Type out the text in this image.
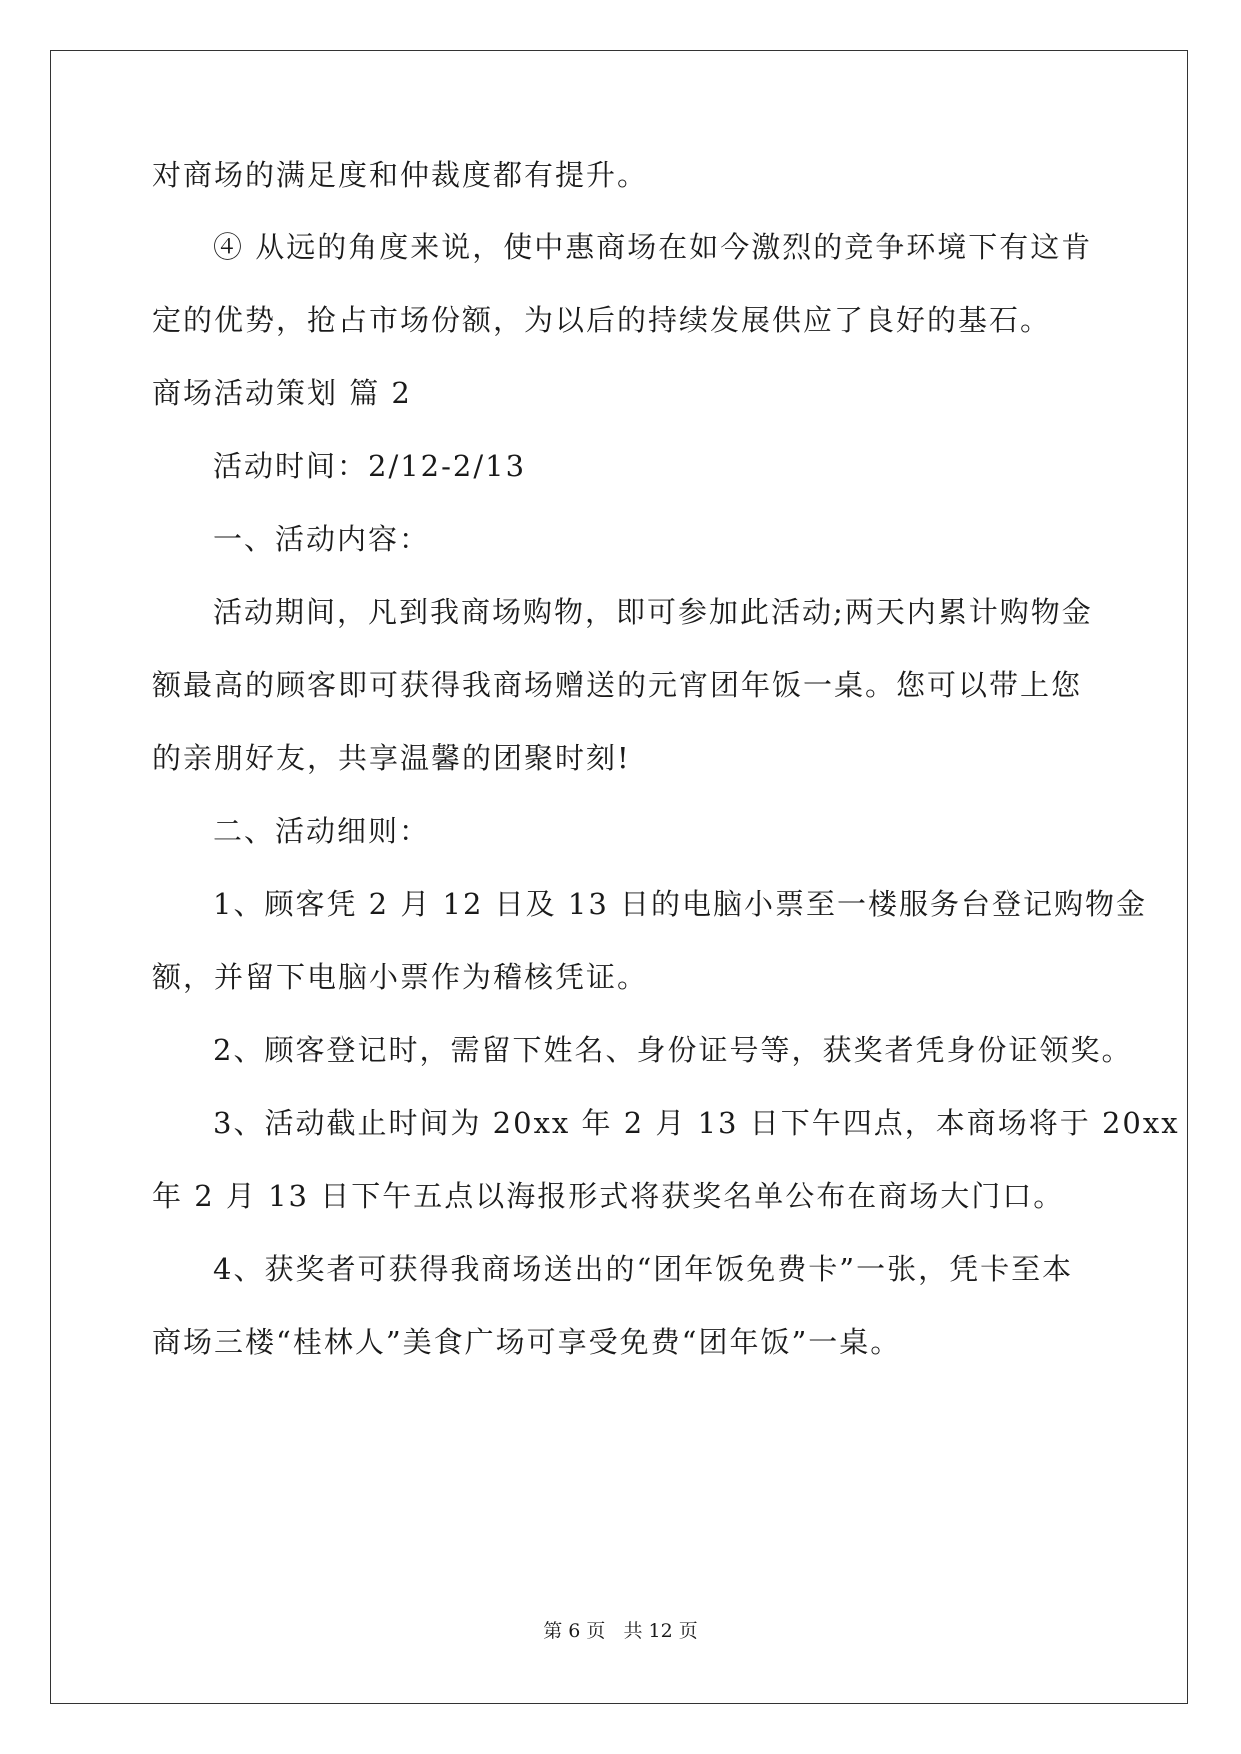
对商场的满足度和仲裁度都有提升。
④ 从远的角度来说，使中惠商场在如今激烈的竞争环境下有这肯
定的优势，抢占市场份额，为以后的持续发展供应了良好的基石。
商场活动策划 篇 2
活动时间：2/12-2/13
一、活动内容：
活动期间，凡到我商场购物，即可参加此活动;两天内累计购物金
额最高的顾客即可获得我商场赠送的元宵团年饭一桌。您可以带上您
的亲朋好友，共享温馨的团聚时刻!
二、活动细则：
1、顾客凭 2 月 12 日及 13 日的电脑小票至一楼服务台登记购物金
额，并留下电脑小票作为稽核凭证。
2、顾客登记时，需留下姓名、身份证号等，获奖者凭身份证领奖。
3、活动截止时间为 20xx 年 2 月 13 日下午四点，本商场将于 20xx
年 2 月 13 日下午五点以海报形式将获奖名单公布在商场大门口。
4、获奖者可获得我商场送出的“团年饭免费卡”一张，凭卡至本
商场三楼“桂林人”美食广场可享受免费“团年饭”一桌。
第 6 页 共 12 页
